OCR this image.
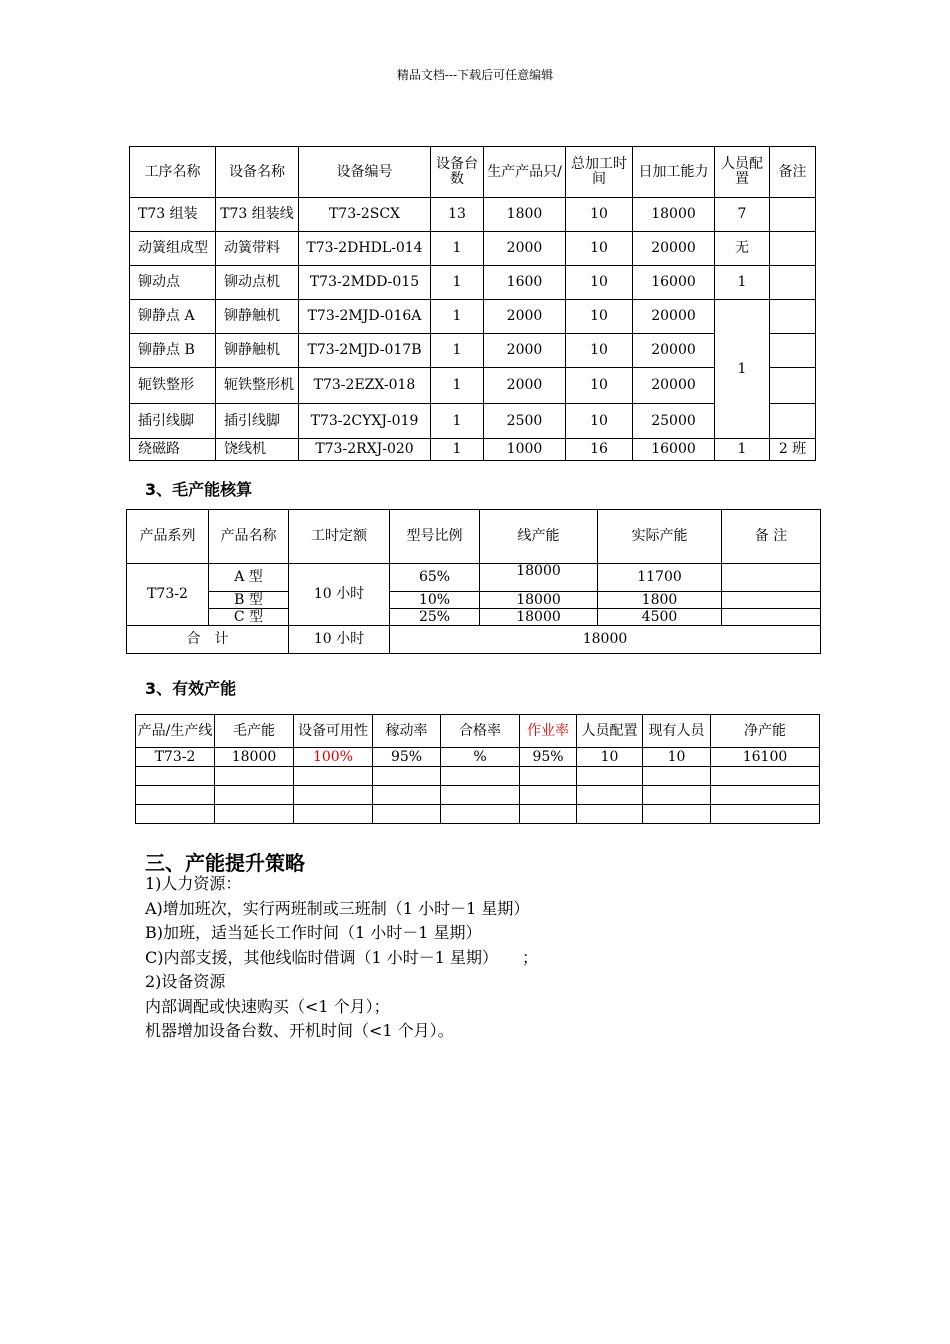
精品文档---下载后可任意编辑
工序名称	设备名称	设备编号	设备台数	生产产品只/	总加工时间	日加工能力	人员配置	备注
T73 组装	T73 组装线	T73-2SCX	13	1800	10	18000	7	
动簧组成型	动簧带料	T73-2DHDL-014	1	2000	10	20000	无	
铆动点	铆动点机	T73-2MDD-015	1	1600	10	16000	1	
铆静点 A	铆静触机	T73-2MJD-016A	1	2000	10	20000	1	
铆静点 B	铆静触机	T73-2MJD-017B	1	2000	10	20000		
轭铁整形	轭铁整形机	T73-2EZX-018	1	2000	10	20000		
插引线脚	插引线脚	T73-2CYXJ-019	1	2500	10	25000		
绕磁路	饶线机	T73-2RXJ-020	1	1000	16	16000	1	2 班
3、毛产能核算
产品系列	产品名称	工时定额	型号比例	线产能	实际产能	备 注
T73-2	A 型	10 小时	65%	18000	11700	
	B 型		10%	18000	1800	
	C 型		25%	18000	4500	
合　计		10 小时	18000			
3、有效产能
产品/生产线	毛产能	设备可用性	稼动率	合格率	作业率	人员配置	现有人员	净产能
T73-2	18000	100%	95%	%	95%	10	10	16100

三、产能提升策略
1)人力资源：
A)增加班次，实行两班制或三班制（1 小时－1 星期）
B)加班，适当延长工作时间（1 小时－1 星期）
C)内部支援，其他线临时借调（1 小时－1 星期）　　；
2)设备资源
内部调配或快速购买（<1 个月）；
机器增加设备台数、开机时间（<1 个月）。
